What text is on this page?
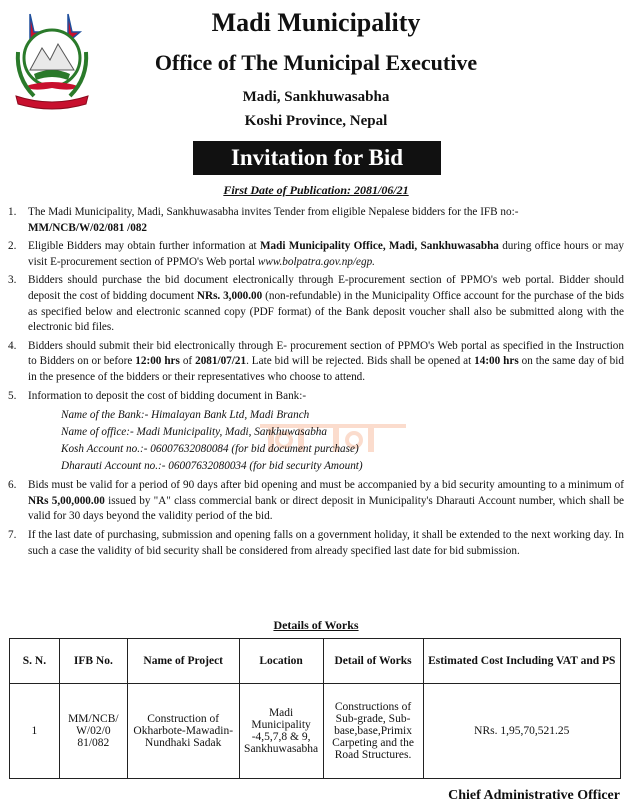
Madi Municipality
Office of The Municipal Executive
Madi, Sankhuwasabha
Koshi Province, Nepal
Invitation for Bid
First Date of Publication: 2081/06/21
1. The Madi Municipality, Madi, Sankhuwasabha invites Tender from eligible Nepalese bidders for the IFB no:-
MM/NCB/W/02/081 /082
2. Eligible Bidders may obtain further information at Madi Municipality Office, Madi, Sankhuwasabha during office hours or may visit E-procurement section of PPMO's Web portal www.bolpatra.gov.np/egp.
3. Bidders should purchase the bid document electronically through E-procurement section of PPMO's web portal. Bidder should deposit the cost of bidding document NRs. 3,000.00 (non-refundable) in the Municipality Office account for the purchase of the bids as specified below and electronic scanned copy (PDF format) of the Bank deposit voucher shall also be submitted along with the electronic bid files.
4. Bidders should submit their bid electronically through E- procurement section of PPMO's Web portal as specified in the Instruction to Bidders on or before 12:00 hrs of 2081/07/21. Late bid will be rejected. Bids shall be opened at 14:00 hrs on the same day of bid in the presence of the bidders or their representatives who choose to attend.
5. Information to deposit the cost of bidding document in Bank:-
Name of the Bank:- Himalayan Bank Ltd, Madi Branch
Name of office:- Madi Municipality, Madi, Sankhuwasabha
Kosh Account no.:- 06007632080084 (for bid document purchase)
Dharauti Account no.:- 06007632080034 (for bid security Amount)
6. Bids must be valid for a period of 90 days after bid opening and must be accompanied by a bid security amounting to a minimum of NRs 5,00,000.00 issued by "A" class commercial bank or direct deposit in Municipality's Dharauti Account number, which shall be valid for 30 days beyond the validity period of the bid.
7. If the last date of purchasing, submission and opening falls on a government holiday, it shall be extended to the next working day. In such a case the validity of bid security shall be considered from already specified last date for bid submission.
Details of Works
S. N.	IFB No.	Name of Project	Location	Detail of Works	Estimated Cost Including VAT and PS
1	MM/NCB/ W/02/0 81/082	Construction of Okharbote-Mawadin-Nundhaki Sadak	Madi Municipality -4,5,7,8 & 9, Sankhuwasabha	Constructions of Sub-grade, Sub-base,base,Primix Carpeting and the Road Structures.	NRs. 1,95,70,521.25
Chief Administrative Officer
